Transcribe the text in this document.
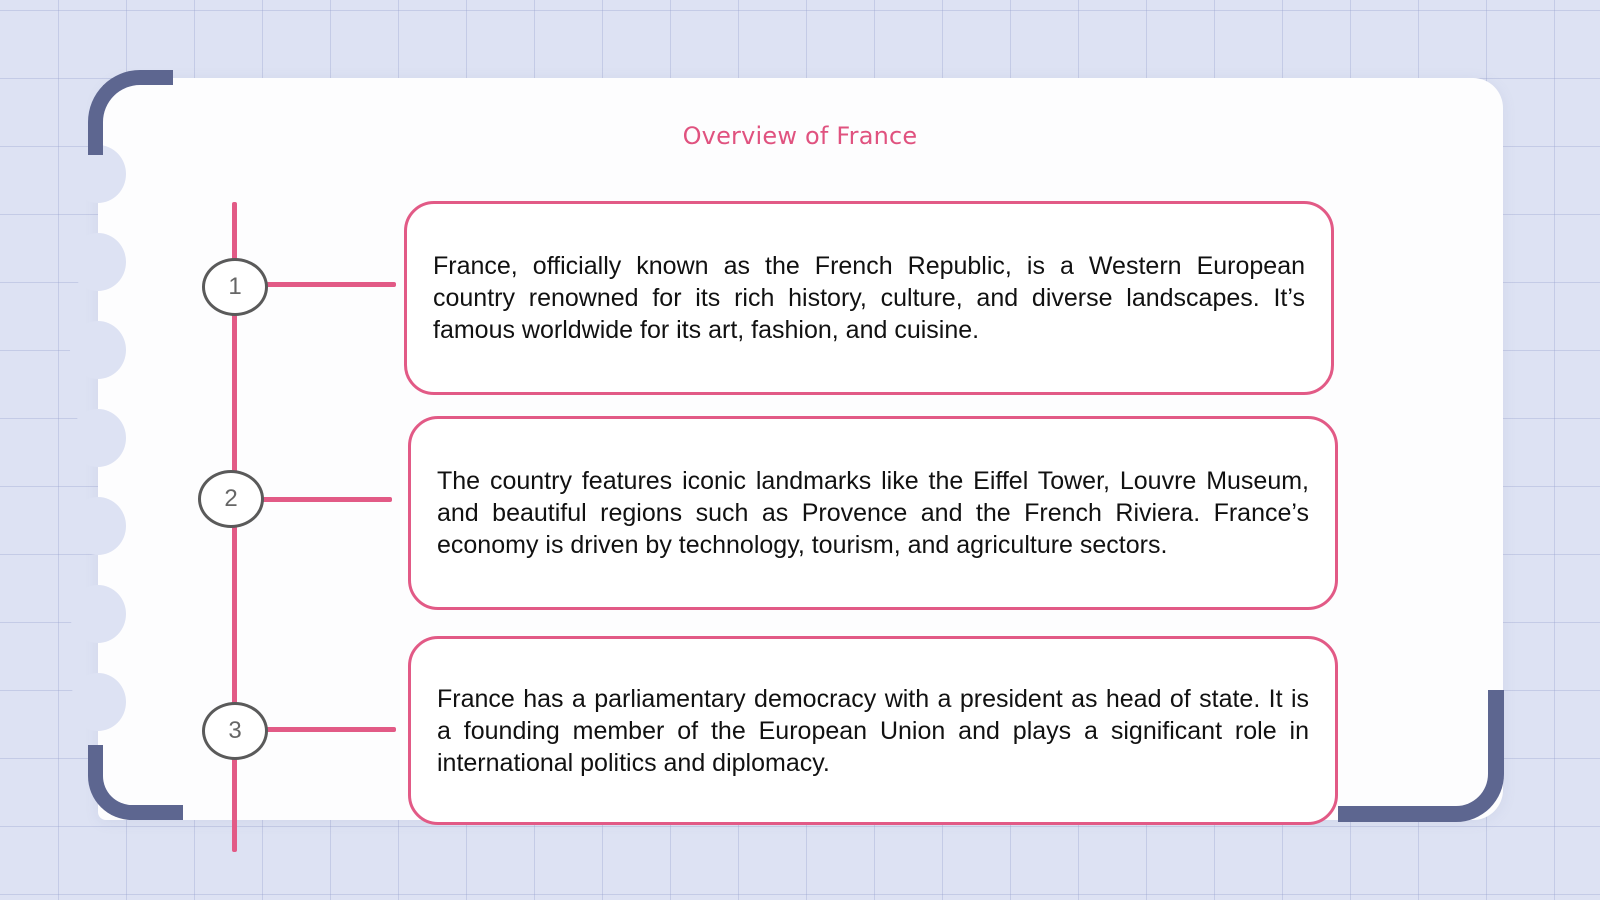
Overview of France
1
2
3

France, officially known as the French Republic, is a Western European country renowned for its rich history, culture, and diverse landscapes. It’s famous worldwide for its art, fashion, and cuisine.

The country features iconic landmarks like the Eiffel Tower, Louvre Museum, and beautiful regions such as Provence and the French Riviera. France’s economy is driven by technology, tourism, and agriculture sectors.

France has a parliamentary democracy with a president as head of state. It is a founding member of the European Union and plays a significant role in international politics and diplomacy.
